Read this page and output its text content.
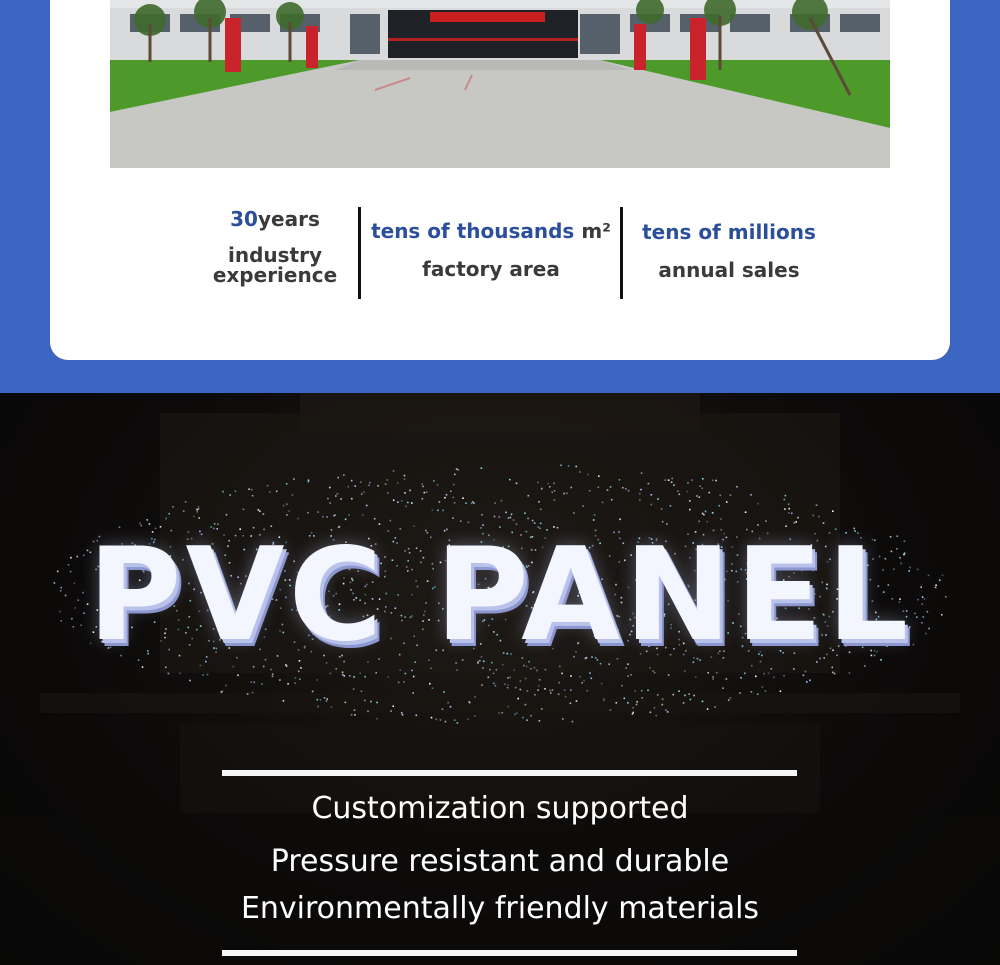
30years
industry
experience
tens of thousands m²
factory area
tens of millions
annual sales
PVC PANEL
Customization supported
Pressure resistant and durable
Environmentally friendly materials
